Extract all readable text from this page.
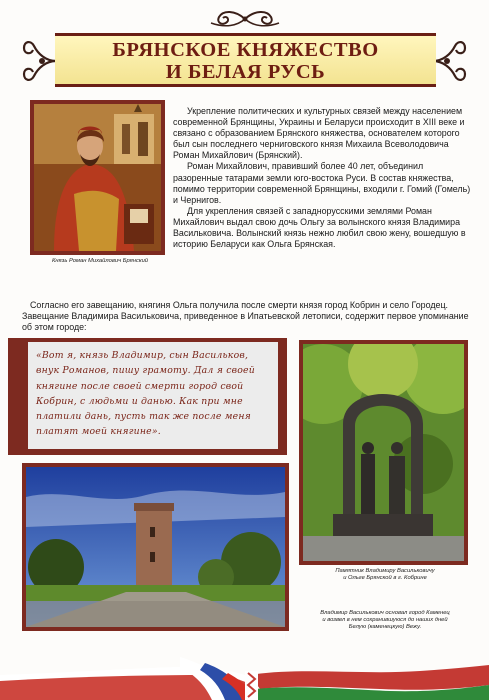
БРЯНСКОЕ КНЯЖЕСТВО
И БЕЛАЯ РУСЬ
Князь Роман Михайлович Брянский

Укрепление политических и культурных связей между населением современной Брянщины, Украины и Беларуси происходит в XIII веке и связано с образованием Брянского княжества, основателем которого был сын последнего черниговского князя Михаила Всеволодовича Роман Михайлович (Брянский).

Роман Михайлович, правивший более 40 лет, объединил разоренные татарами земли юго-востока Руси. В состав княжества, помимо территории современной Брянщины, входили г. Гомий (Гомель) и Чернигов.

Для укрепления связей с западнорусскими землями Роман Михайлович выдал свою дочь Ольгу за волынского князя Владимира Васильковича. Волынский князь нежно любил свою жену, вошедшую в историю Беларуси как Ольга Брянская.

Согласно его завещанию, княгиня Ольга получила после смерти князя город Кобрин и село Городец. Завещание Владимира Васильковича, приведенное в Ипатьевской летописи, содержит первое упоминание об этом городе:

«Вот я, князь Владимир, сын Васильков, внук Романов, пишу грамоту. Дал я своей княгине после своей смерти город свой Кобрин, с людьми и данью. Как при мне платили дань, пусть так же после меня платят моей княгине».
Памятник Владимиру Васильковичу
и Ольге Брянской в г. Кобрине
Владимир Василькович основал город Каменец
и возвел в нем сохранившуюся до наших дней
Белую (каменецкую) Вежу.
